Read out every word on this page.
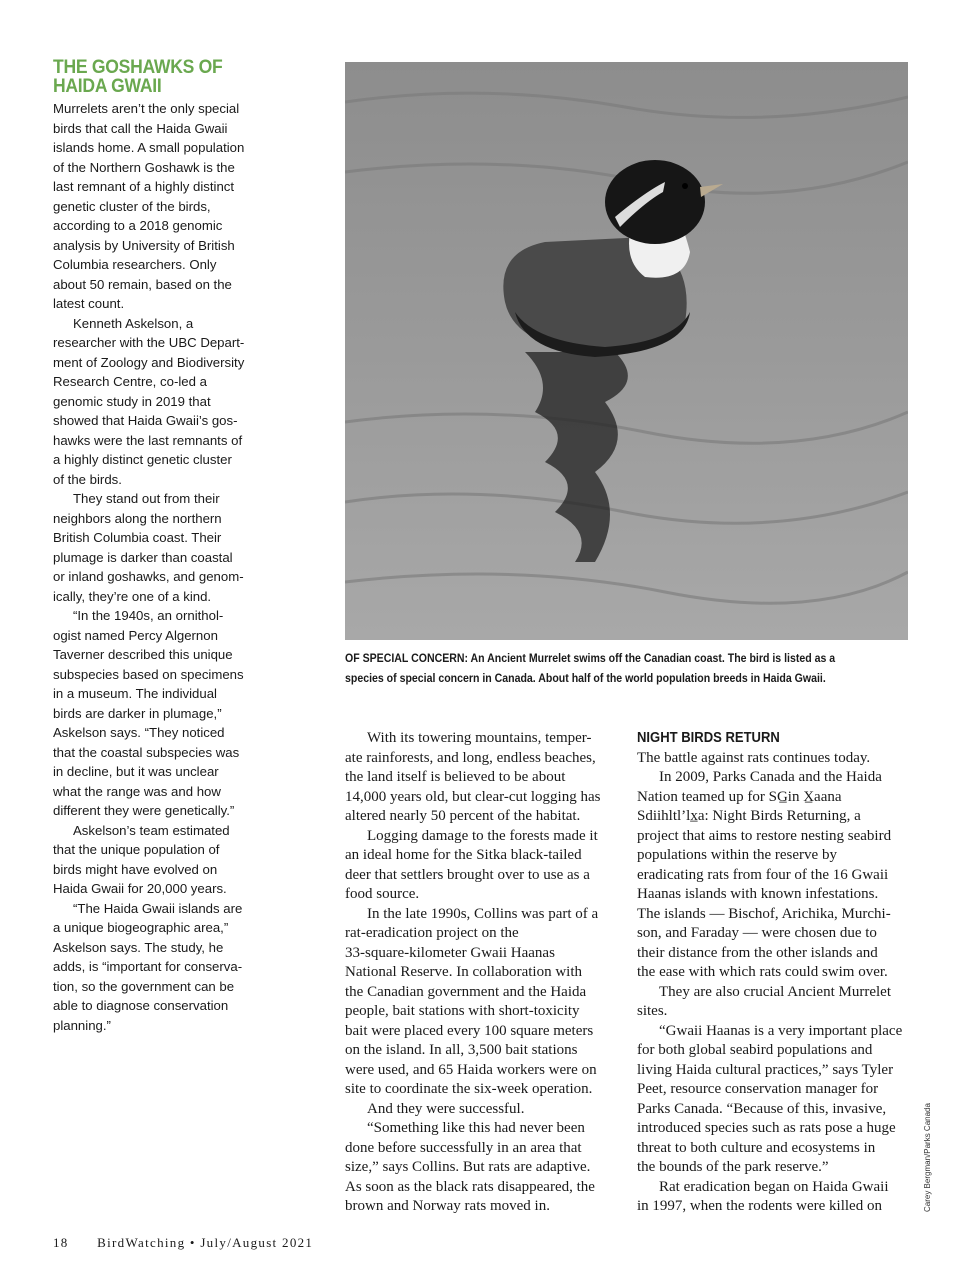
THE GOSHAWKS OF
HAIDA GWAII
Murrelets aren’t the only special
birds that call the Haida Gwaii
islands home. A small population
of the Northern Goshawk is the
last remnant of a highly distinct
genetic cluster of the birds,
according to a 2018 genomic
analysis by University of British
Columbia researchers. Only
about 50 remain, based on the
latest count.
Kenneth Askelson, a
researcher with the UBC Depart-
ment of Zoology and Biodiversity
Research Centre, co-led a
genomic study in 2019 that
showed that Haida Gwaii’s gos-
hawks were the last remnants of
a highly distinct genetic cluster
of the birds.
They stand out from their
neighbors along the northern
British Columbia coast. Their
plumage is darker than coastal
or inland goshawks, and genom-
ically, they’re one of a kind.
“In the 1940s, an ornithol-
ogist named Percy Algernon
Taverner described this unique
subspecies based on specimens
in a museum. The individual
birds are darker in plumage,”
Askelson says. “They noticed
that the coastal subspecies was
in decline, but it was unclear
what the range was and how
different they were genetically.”
Askelson’s team estimated
that the unique population of
birds might have evolved on
Haida Gwaii for 20,000 years.
“The Haida Gwaii islands are
a unique biogeographic area,”
Askelson says. The study, he
adds, is “important for conserva-
tion, so the government can be
able to diagnose conservation
planning.”
OF SPECIAL CONCERN: An Ancient Murrelet swims off the Canadian coast. The bird is listed as a
species of special concern in Canada. About half of the world population breeds in Haida Gwaii.
With its towering mountains, temper-
ate rainforests, and long, endless beaches,
the land itself is believed to be about
14,000 years old, but clear-cut logging has
altered nearly 50 percent of the habitat.
Logging damage to the forests made it
an ideal home for the Sitka black-tailed
deer that settlers brought over to use as a
food source.
In the late 1990s, Collins was part of a
rat-eradication project on the
33-square-kilometer Gwaii Haanas
National Reserve. In collaboration with
the Canadian government and the Haida
people, bait stations with short-toxicity
bait were placed every 100 square meters
on the island. In all, 3,500 bait stations
were used, and 65 Haida workers were on
site to coordinate the six-week operation.
And they were successful.
“Something like this had never been
done before successfully in an area that
size,” says Collins. But rats are adaptive.
As soon as the black rats disappeared, the
brown and Norway rats moved in.
NIGHT BIRDS RETURN
The battle against rats continues today.
In 2009, Parks Canada and the Haida
Nation teamed up for SG̲in X̲aana
Sdiihltl’lx̲a: Night Birds Returning, a
project that aims to restore nesting seabird
populations within the reserve by
eradicating rats from four of the 16 Gwaii
Haanas islands with known infestations.
The islands — Bischof, Arichika, Murchi-
son, and Faraday — were chosen due to
their distance from the other islands and
the ease with which rats could swim over.
They are also crucial Ancient Murrelet
sites.
“Gwaii Haanas is a very important place
for both global seabird populations and
living Haida cultural practices,” says Tyler
Peet, resource conservation manager for
Parks Canada. “Because of this, invasive,
introduced species such as rats pose a huge
threat to both culture and ecosystems in
the bounds of the park reserve.”
Rat eradication began on Haida Gwaii
in 1997, when the rodents were killed on	Carey Bergman/Parks Canada
18 BirdWatching • July/August 2021
